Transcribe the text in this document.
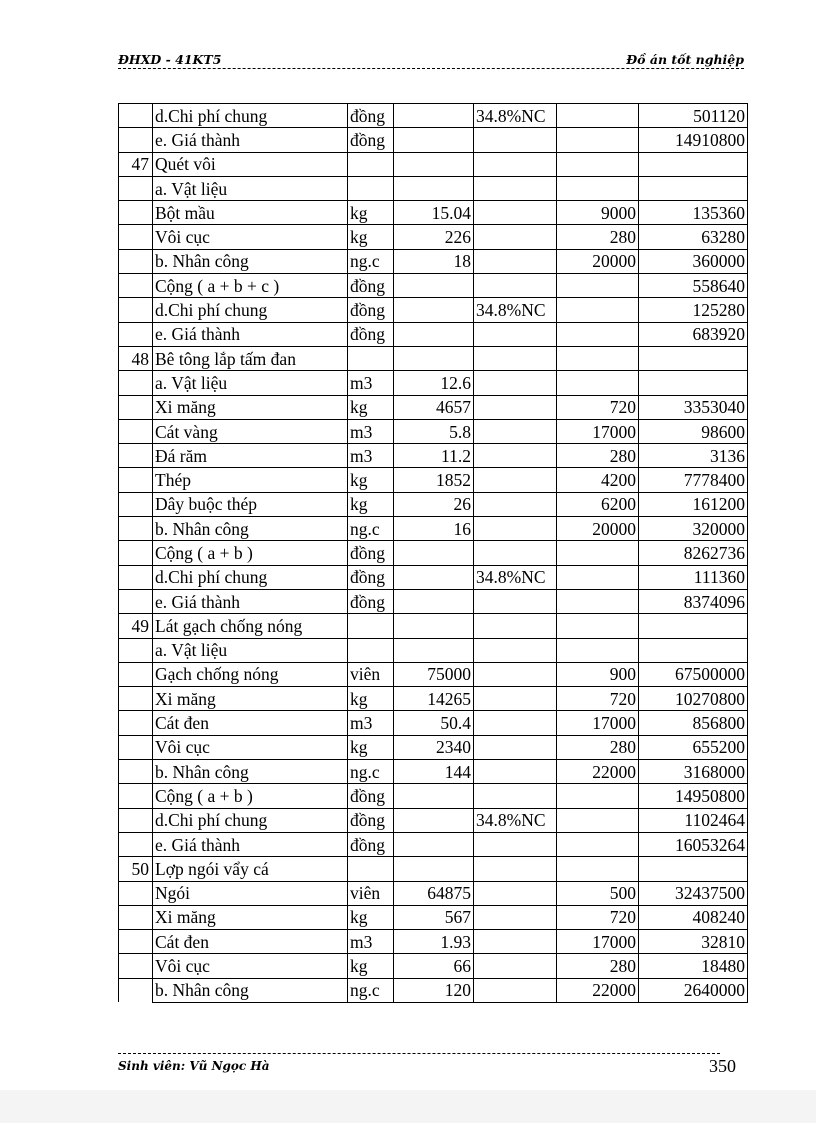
ĐHXD - 41KT5	Đồ án tốt nghiệp
	d.Chi phí chung	đồng		34.8%NC		501120
	e. Giá thành	đồng				14910800
47	Quét vôi					
	a. Vật liệu					
	Bột mầu	kg	15.04		9000	135360
	Vôi cục	kg	226		280	63280
	b. Nhân công	ng.c	18		20000	360000
	Cộng ( a + b + c )	đồng				558640
	d.Chi phí chung	đồng		34.8%NC		125280
	e. Giá thành	đồng				683920
48	Bê tông lắp tấm đan					
	a. Vật liệu	m3	12.6			
	Xi măng	kg	4657		720	3353040
	Cát vàng	m3	5.8		17000	98600
	Đá răm	m3	11.2		280	3136
	Thép	kg	1852		4200	7778400
	Dây buộc thép	kg	26		6200	161200
	b. Nhân công	ng.c	16		20000	320000
	Cộng ( a + b )	đồng				8262736
	d.Chi phí chung	đồng		34.8%NC		111360
	e. Giá thành	đồng				8374096
49	Lát gạch chống nóng					
	a. Vật liệu					
	Gạch chống nóng	viên	75000		900	67500000
	Xi măng	kg	14265		720	10270800
	Cát đen	m3	50.4		17000	856800
	Vôi cục	kg	2340		280	655200
	b. Nhân công	ng.c	144		22000	3168000
	Cộng ( a + b )	đồng				14950800
	d.Chi phí chung	đồng		34.8%NC		1102464
	e. Giá thành	đồng				16053264
50	Lợp ngói vẩy cá					
	Ngói	viên	64875		500	32437500
	Xi măng	kg	567		720	408240
	Cát đen	m3	1.93		17000	32810
	Vôi cục	kg	66		280	18480
	b. Nhân công	ng.c	120		22000	2640000
Sinh viên: Vũ Ngọc Hà	350
